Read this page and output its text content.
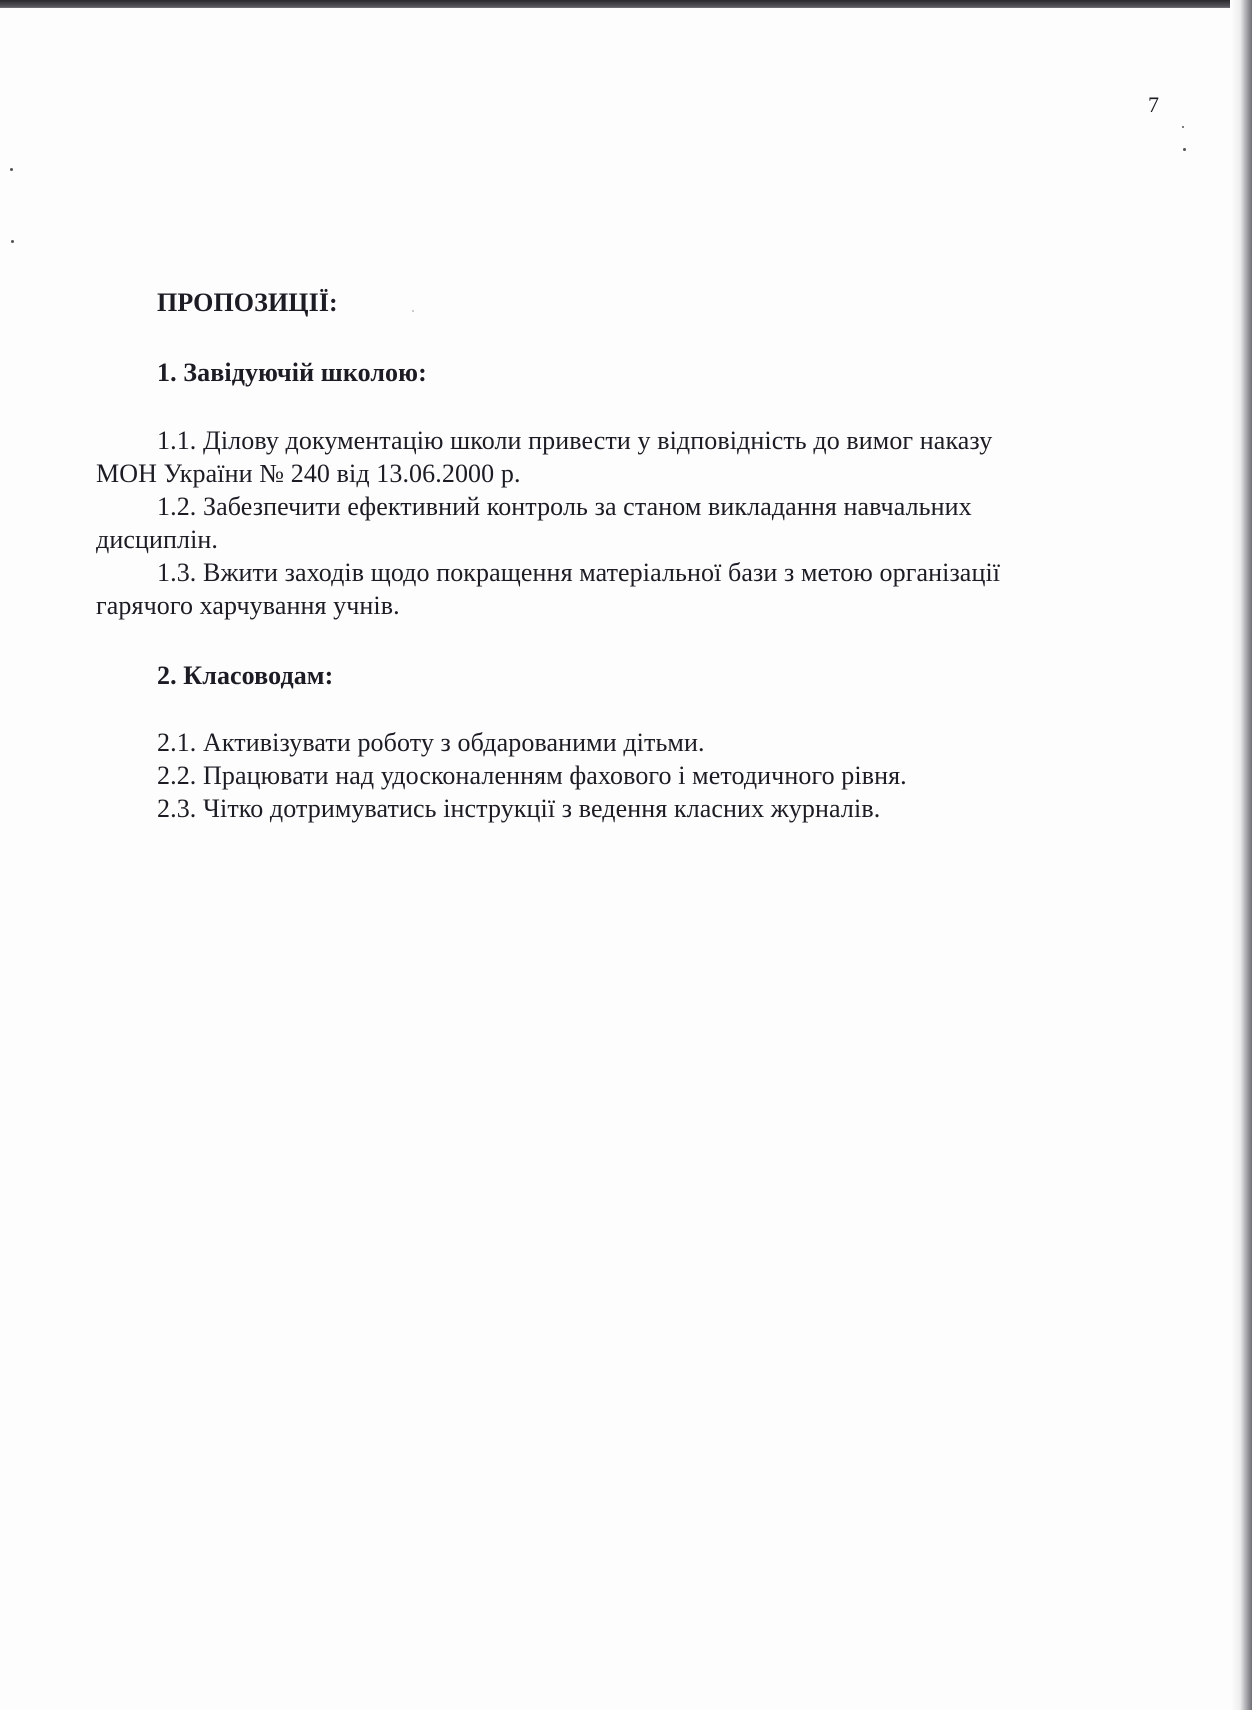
7
ПРОПОЗИЦІЇ:
1. Завідуючій школою:
1.1. Ділову документацію школи привести у відповідність до вимог наказу
МОН України № 240 від 13.06.2000 р.
1.2. Забезпечити ефективний контроль за станом викладання навчальних
дисциплін.
1.3. Вжити заходів щодо покращення матеріальної бази з метою організації
гарячого харчування учнів.
2. Класоводам:
2.1. Активізувати роботу з обдарованими дітьми.
2.2. Працювати над удосконаленням фахового і методичного рівня.
2.3. Чітко дотримуватись інструкції з ведення класних журналів.
